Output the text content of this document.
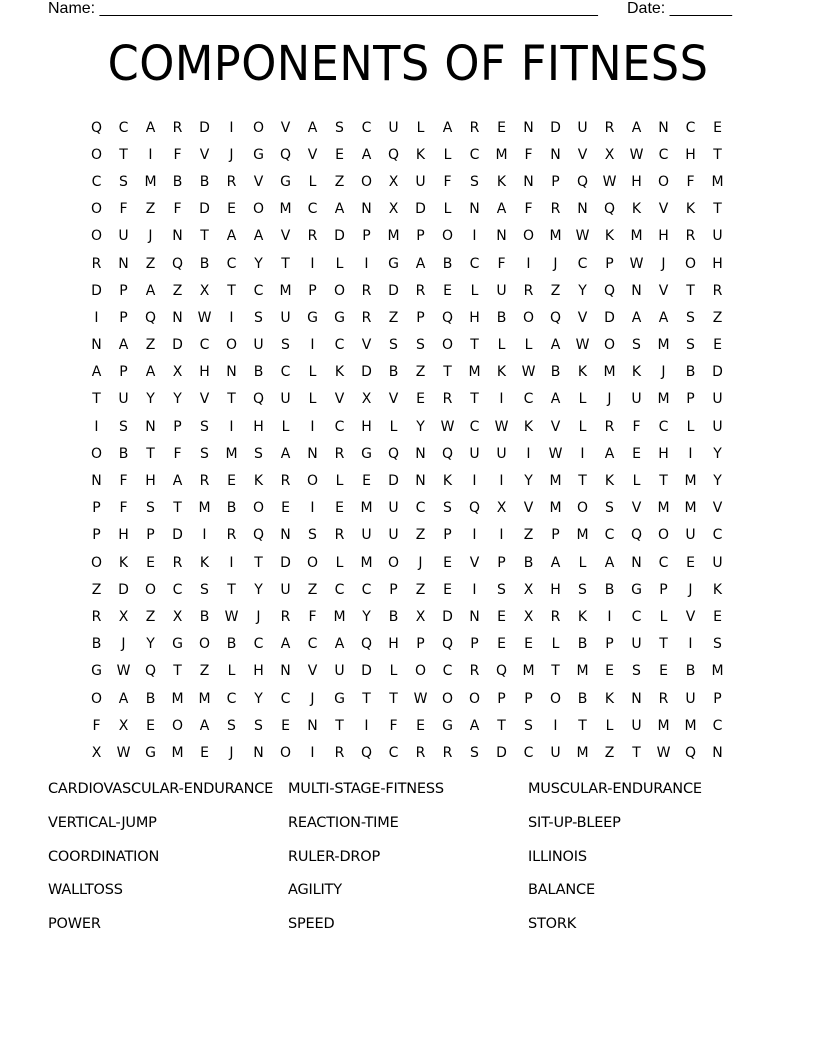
Name: ________________________________________________________ Date: _______
COMPONENTS OF FITNESS
Q	C	A	R	D	I	O	V	A	S	C	U	L	A	R	E	N	D	U	R	A	N	C	E
O	T	I	F	V	J	G	Q	V	E	A	Q	K	L	C	M	F	N	V	X	W	C	H	T
C	S	M	B	B	R	V	G	L	Z	O	X	U	F	S	K	N	P	Q	W	H	O	F	M
O	F	Z	F	D	E	O	M	C	A	N	X	D	L	N	A	F	R	N	Q	K	V	K	T
O	U	J	N	T	A	A	V	R	D	P	M	P	O	I	N	O	M	W	K	M	H	R	U
R	N	Z	Q	B	C	Y	T	I	L	I	G	A	B	C	F	I	J	C	P	W	J	O	H
D	P	A	Z	X	T	C	M	P	O	R	D	R	E	L	U	R	Z	Y	Q	N	V	T	R
I	P	Q	N	W	I	S	U	G	G	R	Z	P	Q	H	B	O	Q	V	D	A	A	S	Z
N	A	Z	D	C	O	U	S	I	C	V	S	S	O	T	L	L	A	W	O	S	M	S	E
A	P	A	X	H	N	B	C	L	K	D	B	Z	T	M	K	W	B	K	M	K	J	B	D
T	U	Y	Y	V	T	Q	U	L	V	X	V	E	R	T	I	C	A	L	J	U	M	P	U
I	S	N	P	S	I	H	L	I	C	H	L	Y	W	C	W	K	V	L	R	F	C	L	U
O	B	T	F	S	M	S	A	N	R	G	Q	N	Q	U	U	I	W	I	A	E	H	I	Y
N	F	H	A	R	E	K	R	O	L	E	D	N	K	I	I	Y	M	T	K	L	T	M	Y
P	F	S	T	M	B	O	E	I	E	M	U	C	S	Q	X	V	M	O	S	V	M	M	V
P	H	P	D	I	R	Q	N	S	R	U	U	Z	P	I	I	Z	P	M	C	Q	O	U	C
O	K	E	R	K	I	T	D	O	L	M	O	J	E	V	P	B	A	L	A	N	C	E	U
Z	D	O	C	S	T	Y	U	Z	C	C	P	Z	E	I	S	X	H	S	B	G	P	J	K
R	X	Z	X	B	W	J	R	F	M	Y	B	X	D	N	E	X	R	K	I	C	L	V	E
B	J	Y	G	O	B	C	A	C	A	Q	H	P	Q	P	E	E	L	B	P	U	T	I	S
G	W	Q	T	Z	L	H	N	V	U	D	L	O	C	R	Q	M	T	M	E	S	E	B	M
O	A	B	M	M	C	Y	C	J	G	T	T	W	O	O	P	P	O	B	K	N	R	U	P
F	X	E	O	A	S	S	E	N	T	I	F	E	G	A	T	S	I	T	L	U	M	M	C
X	W	G	M	E	J	N	O	I	R	Q	C	R	R	S	D	C	U	M	Z	T	W	Q	N
CARDIOVASCULAR-ENDURANCE	MULTI-STAGE-FITNESS	MUSCULAR-ENDURANCE
VERTICAL-JUMP	REACTION-TIME	SIT-UP-BLEEP
COORDINATION	RULER-DROP	ILLINOIS
WALLTOSS	AGILITY	BALANCE
POWER	SPEED	STORK
